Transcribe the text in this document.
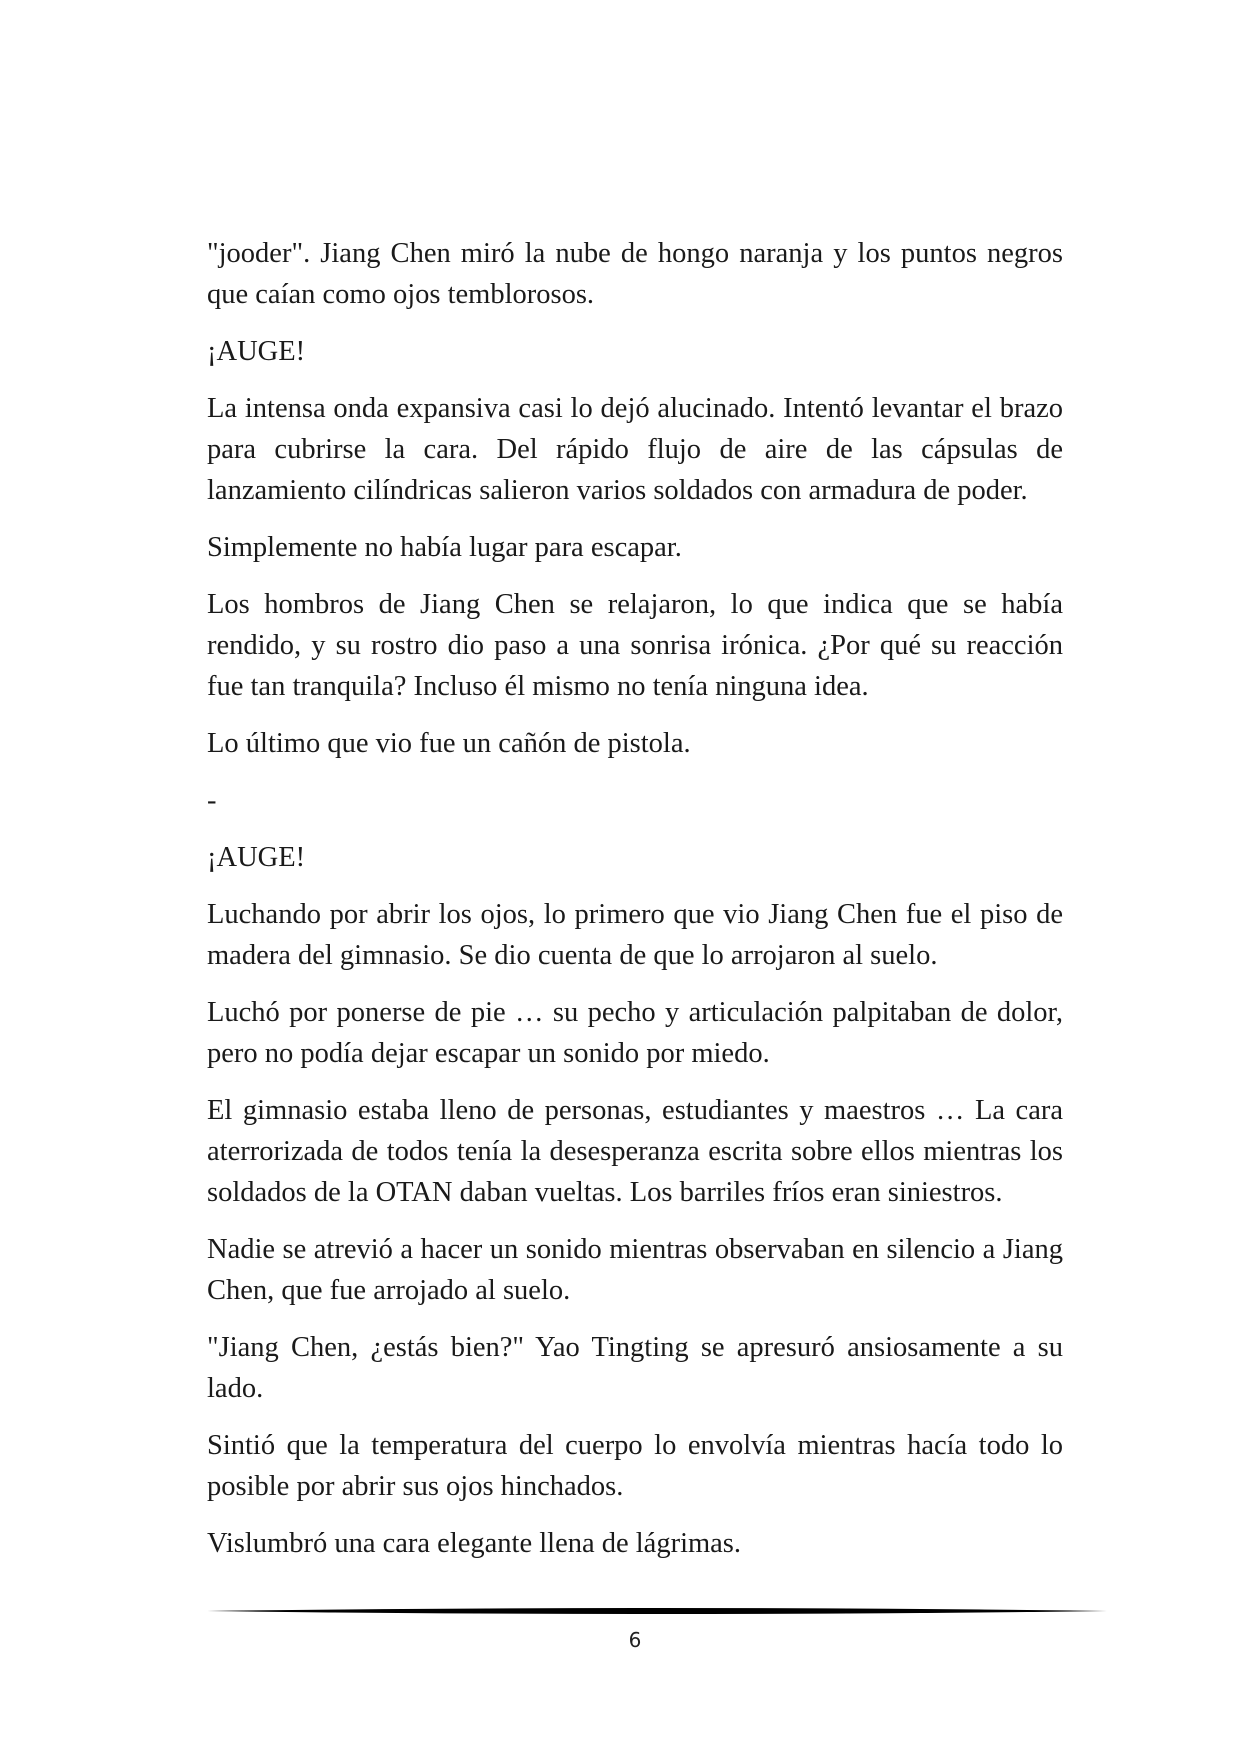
"jooder". Jiang Chen miró la nube de hongo naranja y los puntos negros que caían como ojos temblorosos.

¡AUGE!

La intensa onda expansiva casi lo dejó alucinado. Intentó levantar el brazo para cubrirse la cara. Del rápido flujo de aire de las cápsulas de lanzamiento cilíndricas salieron varios soldados con armadura de poder.

Simplemente no había lugar para escapar.

Los hombros de Jiang Chen se relajaron, lo que indica que se había rendido, y su rostro dio paso a una sonrisa irónica. ¿Por qué su reacción fue tan tranquila? Incluso él mismo no tenía ninguna idea.

Lo último que vio fue un cañón de pistola.

-

¡AUGE!

Luchando por abrir los ojos, lo primero que vio Jiang Chen fue el piso de madera del gimnasio. Se dio cuenta de que lo arrojaron al suelo.

Luchó por ponerse de pie … su pecho y articulación palpitaban de dolor, pero no podía dejar escapar un sonido por miedo.

El gimnasio estaba lleno de personas, estudiantes y maestros … La cara aterrorizada de todos tenía la desesperanza escrita sobre ellos mientras los soldados de la OTAN daban vueltas. Los barriles fríos eran siniestros.

Nadie se atrevió a hacer un sonido mientras observaban en silencio a Jiang Chen, que fue arrojado al suelo.

"Jiang Chen, ¿estás bien?" Yao Tingting se apresuró ansiosamente a su lado.

Sintió que la temperatura del cuerpo lo envolvía mientras hacía todo lo posible por abrir sus ojos hinchados.

Vislumbró una cara elegante llena de lágrimas.

6
